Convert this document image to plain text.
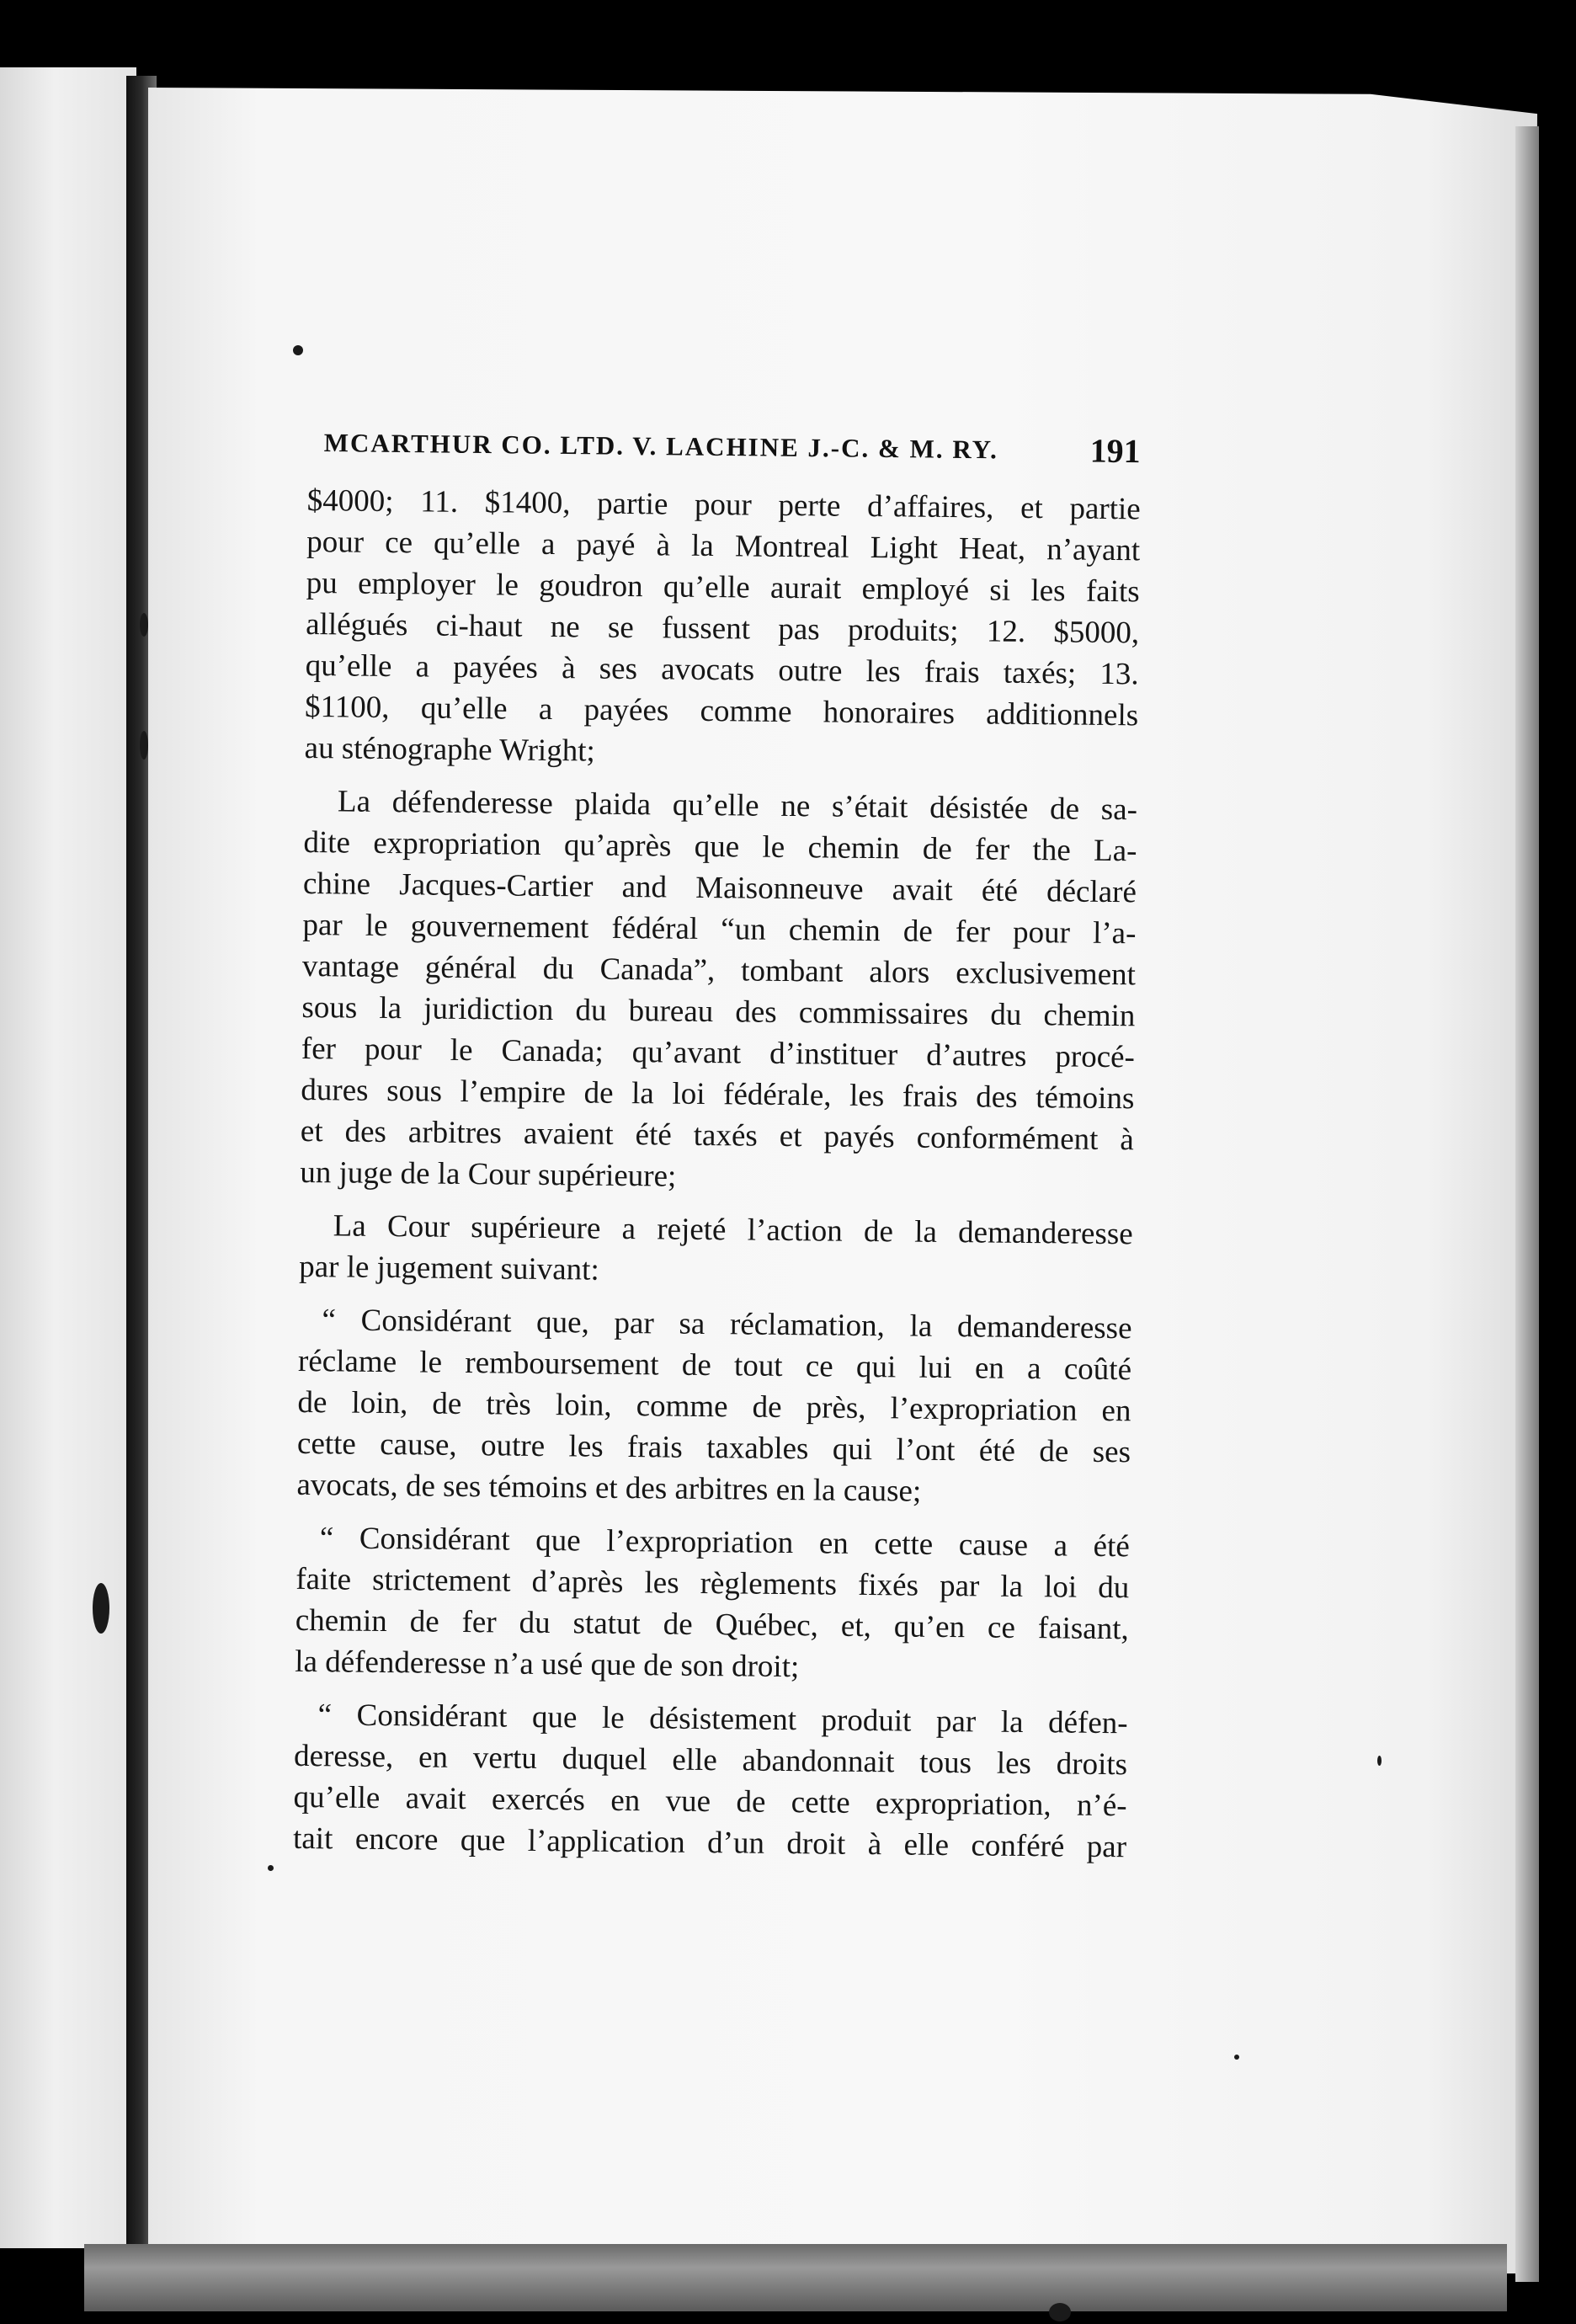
MCARTHUR CO. LTD. V. LACHINE J.-C. & M. RY.	191
$4000; 11. $1400, partie pour perte d’affaires, et partie
pour ce qu’elle a payé à la Montreal Light Heat, n’ayant
pu employer le goudron qu’elle aurait employé si les faits
allégués ci-haut ne se fussent pas produits; 12. $5000,
qu’elle a payées à ses avocats outre les frais taxés; 13.
$1100, qu’elle a payées comme honoraires additionnels
au sténographe Wright;
La défenderesse plaida qu’elle ne s’était désistée de sa-
dite expropriation qu’après que le chemin de fer the La-
chine Jacques-Cartier and Maisonneuve avait été déclaré
par le gouvernement fédéral “un chemin de fer pour l’a-
vantage général du Canada”, tombant alors exclusivement
sous la juridiction du bureau des commissaires du chemin
fer pour le Canada; qu’avant d’instituer d’autres procé-
dures sous l’empire de la loi fédérale, les frais des témoins
et des arbitres avaient été taxés et payés conformément à
un juge de la Cour supérieure;
La Cour supérieure a rejeté l’action de la demanderesse
par le jugement suivant:
“ Considérant que, par sa réclamation, la demanderesse
réclame le remboursement de tout ce qui lui en a coûté
de loin, de très loin, comme de près, l’expropriation en
cette cause, outre les frais taxables qui l’ont été de ses
avocats, de ses témoins et des arbitres en la cause;
“ Considérant que l’expropriation en cette cause a été
faite strictement d’après les règlements fixés par la loi du
chemin de fer du statut de Québec, et, qu’en ce faisant,
la défenderesse n’a usé que de son droit;
“ Considérant que le désistement produit par la défen-
deresse, en vertu duquel elle abandonnait tous les droits
qu’elle avait exercés en vue de cette expropriation, n’é-
tait encore que l’application d’un droit à elle conféré par
